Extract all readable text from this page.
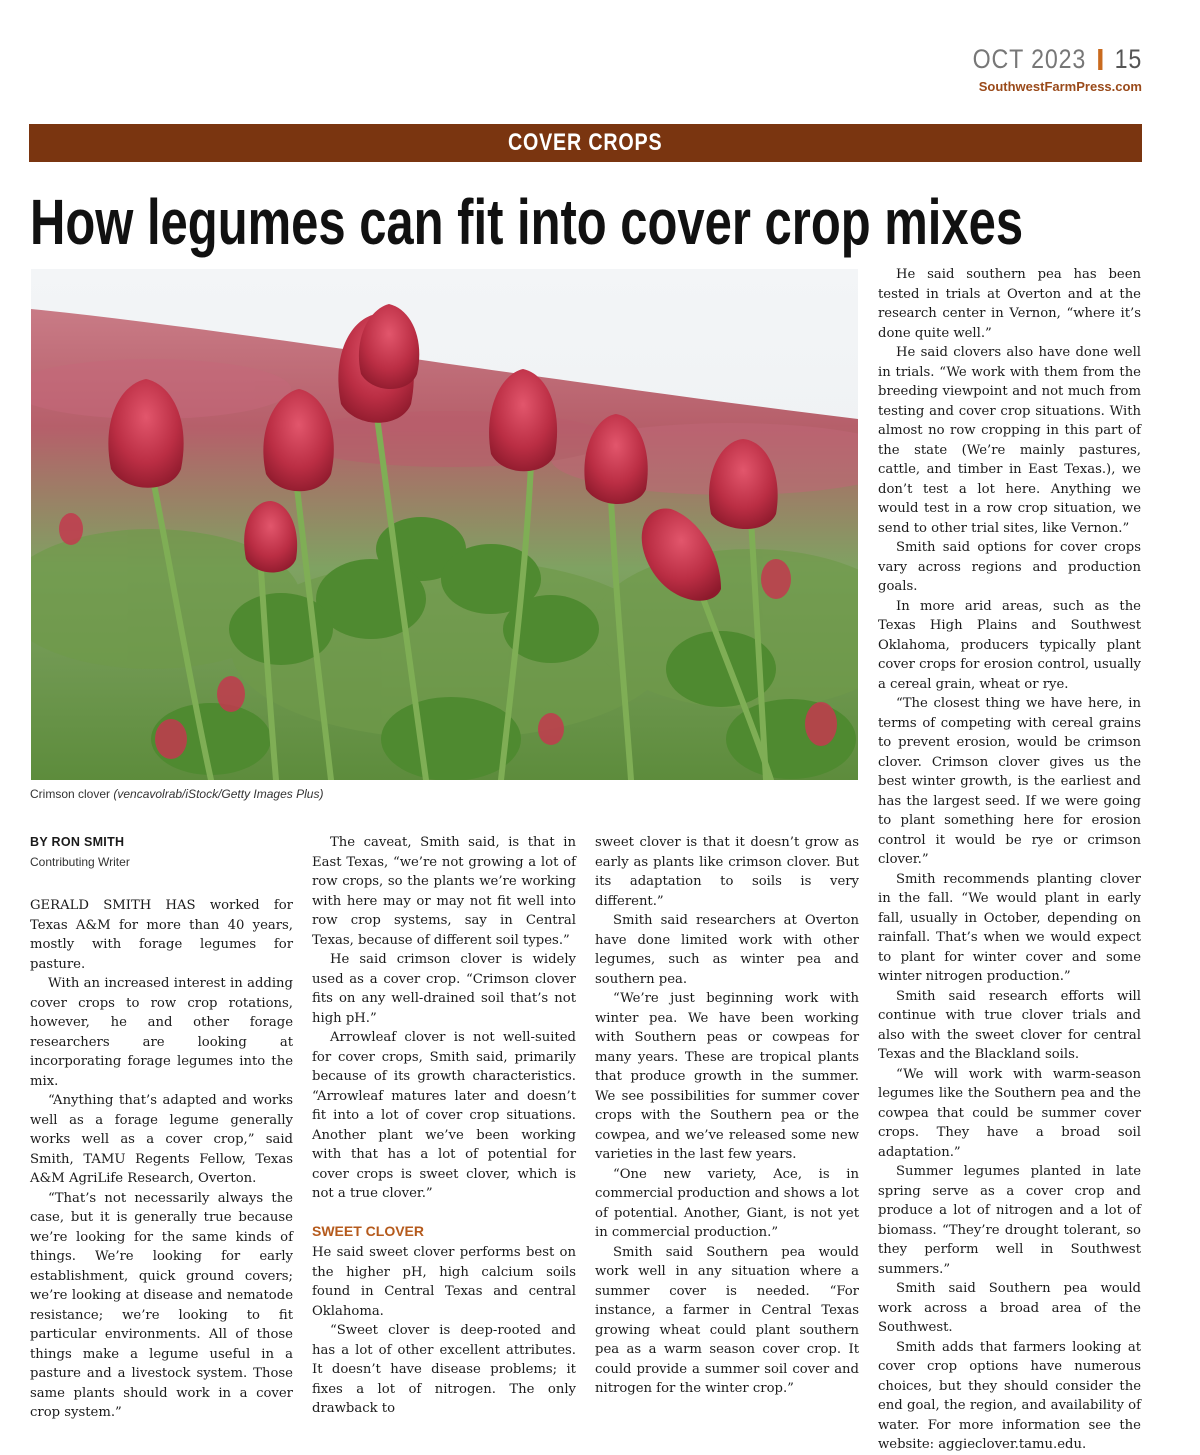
OCT 2023 15
SouthwestFarmPress.com
COVER CROPS
How legumes can fit into cover crop mixes
Crimson clover (vencavolrab/iStock/Getty Images Plus)
BY RON SMITH
Contributing Writer

GERALD SMITH HAS worked for Texas A&M for more than 40 years, mostly with forage legumes for pasture.

With an increased interest in adding cover crops to row crop rotations, however, he and other forage researchers are looking at incorporating forage legumes into the mix.

“Anything that’s adapted and works well as a forage legume generally works well as a cover crop,” said Smith, TAMU Regents Fellow, Texas A&M AgriLife Research, Overton.

“That’s not necessarily always the case, but it is generally true because we’re looking for the same kinds of things. We’re looking for early establishment, quick ground covers; we’re looking at disease and nematode resistance; we’re looking to fit particular environments. All of those things make a legume useful in a pasture and a livestock system. Those same plants should work in a cover crop system.”

The caveat, Smith said, is that in East Texas, “we’re not growing a lot of row crops, so the plants we’re working with here may or may not fit well into row crop systems, say in Central Texas, because of different soil types.”

He said crimson clover is widely used as a cover crop. “Crimson clover fits on any well-drained soil that’s not high pH.”

Arrowleaf clover is not well-suited for cover crops, Smith said, primarily because of its growth characteristics. “Arrowleaf matures later and doesn’t fit into a lot of cover crop situations. Another plant we’ve been working with that has a lot of potential for cover crops is sweet clover, which is not a true clover.”

SWEET CLOVER

He said sweet clover performs best on the higher pH, high calcium soils found in Central Texas and central Oklahoma.

“Sweet clover is deep-rooted and has a lot of other excellent attributes. It doesn’t have disease problems; it fixes a lot of nitrogen. The only drawback to

sweet clover is that it doesn’t grow as early as plants like crimson clover. But its adaptation to soils is very different.”

Smith said researchers at Overton have done limited work with other legumes, such as winter pea and southern pea.

“We’re just beginning work with winter pea. We have been working with Southern peas or cowpeas for many years. These are tropical plants that produce growth in the summer. We see possibilities for summer cover crops with the Southern pea or the cowpea, and we’ve released some new varieties in the last few years.

“One new variety, Ace, is in commercial production and shows a lot of potential. Another, Giant, is not yet in commercial production.”

Smith said Southern pea would work well in any situation where a summer cover is needed. “For instance, a farmer in Central Texas growing wheat could plant southern pea as a warm season cover crop. It could provide a summer soil cover and nitrogen for the winter crop.”

He said southern pea has been tested in trials at Overton and at the research center in Vernon, “where it’s done quite well.”

He said clovers also have done well in trials. “We work with them from the breeding viewpoint and not much from testing and cover crop situations. With almost no row cropping in this part of the state (We’re mainly pastures, cattle, and timber in East Texas.), we don’t test a lot here. Anything we would test in a row crop situation, we send to other trial sites, like Vernon.”

Smith said options for cover crops vary across regions and production goals.

In more arid areas, such as the Texas High Plains and Southwest Oklahoma, producers typically plant cover crops for erosion control, usually a cereal grain, wheat or rye.

“The closest thing we have here, in terms of competing with cereal grains to prevent erosion, would be crimson clover. Crimson clover gives us the best winter growth, is the earliest and has the largest seed. If we were going to plant something here for erosion control it would be rye or crimson clover.”

Smith recommends planting clover in the fall. “We would plant in early fall, usually in October, depending on rainfall. That’s when we would expect to plant for winter cover and some winter nitrogen production.”

Smith said research efforts will continue with true clover trials and also with the sweet clover for central Texas and the Blackland soils.

“We will work with warm-season legumes like the Southern pea and the cowpea that could be summer cover crops. They have a broad soil adaptation.”

Summer legumes planted in late spring serve as a cover crop and produce a lot of nitrogen and a lot of biomass. “They’re drought tolerant, so they perform well in Southwest summers.”

Smith said Southern pea would work across a broad area of the Southwest.

Smith adds that farmers looking at cover crop options have numerous choices, but they should consider the end goal, the region, and availability of water. For more information see the website: aggieclover.tamu.edu.
